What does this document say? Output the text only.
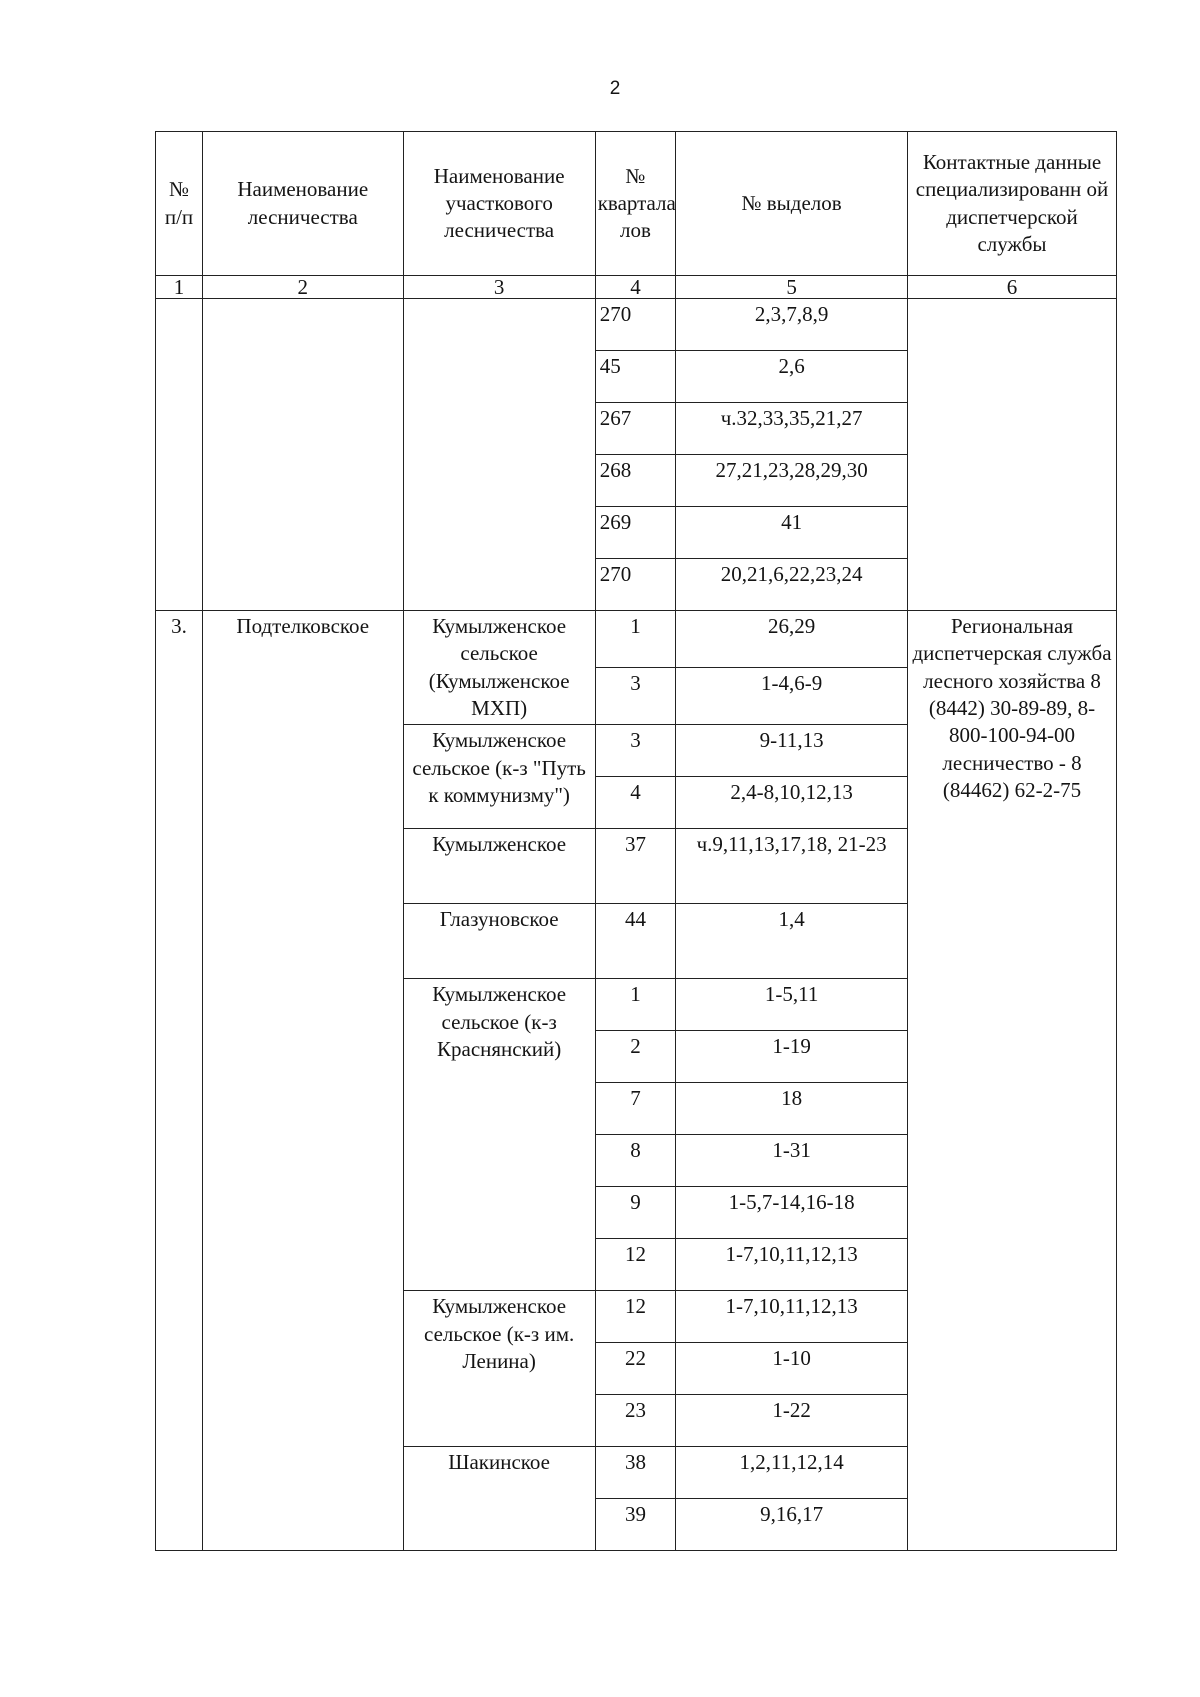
2
№ п/п	Наименование лесничества	Наименование участкового лесничества	№ квартала лов	№ выделов	Контактные данные специализированн ой диспетчерской службы
1	2	3	4	5	6
			270	2,3,7,8,9	
			45	2,6	
			267	ч.32,33,35,21,27	
			268	27,21,23,28,29,30	
			269	41	
			270	20,21,6,22,23,24	
3.	Подтелковское	Кумылженское сельское (Кумылженское МХП)	1	26,29	Региональная диспетчерская служба лесного хозяйства 8 (8442) 30-89-89, 8-800-100-94-00 лесничество - 8 (84462) 62-2-75
			3	1-4,6-9	
		Кумылженское сельское (к-з "Путь к коммунизму")	3	9-11,13	
			4	2,4-8,10,12,13	
		Кумылженское	37	ч.9,11,13,17,18, 21-23	
		Глазуновское	44	1,4	
		Кумылженское сельское (к-з Краснянский)	1	1-5,11	
			2	1-19	
			7	18	
			8	1-31	
			9	1-5,7-14,16-18	
			12	1-7,10,11,12,13	
		Кумылженское сельское (к-з им. Ленина)	12	1-7,10,11,12,13	
			22	1-10	
			23	1-22	
		Шакинское	38	1,2,11,12,14	
			39	9,16,17	
